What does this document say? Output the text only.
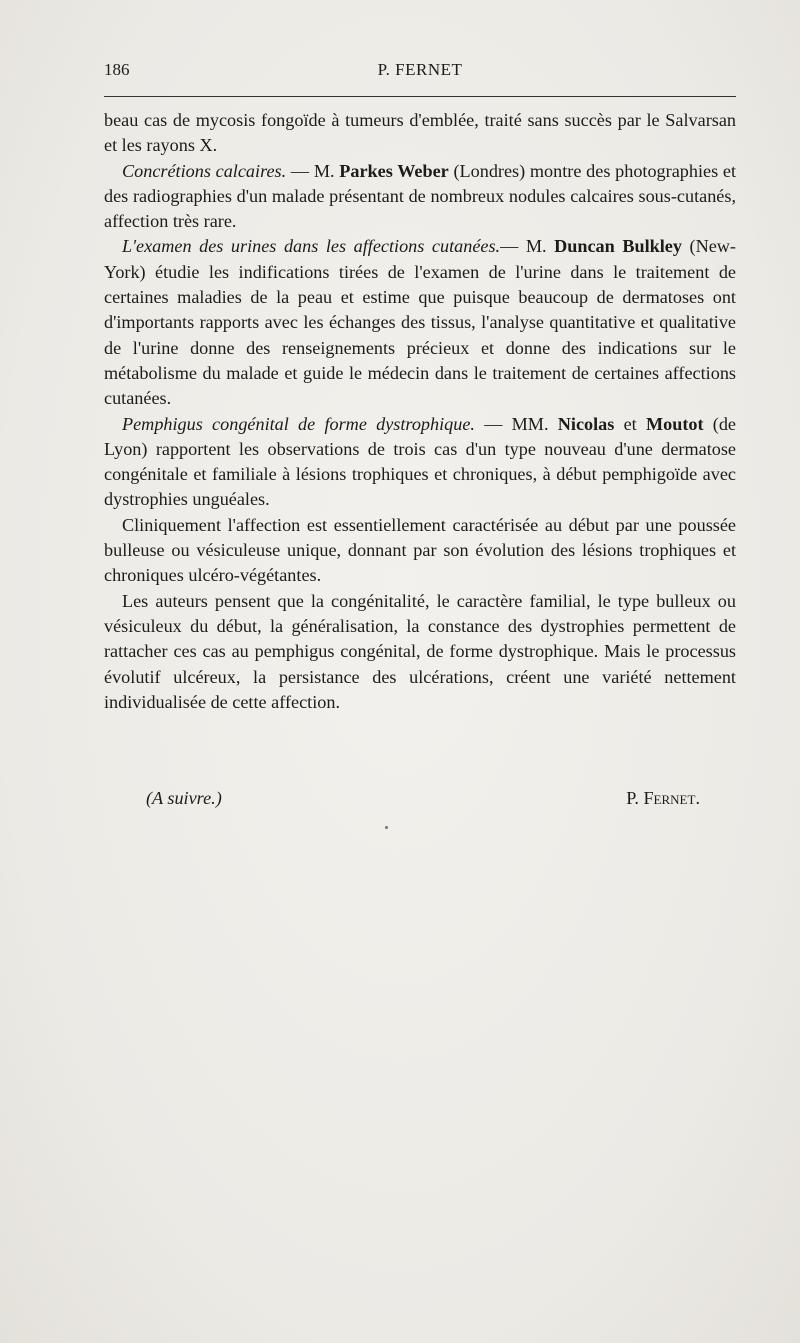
186	P. FERNET

beau cas de mycosis fongoïde à tumeurs d'emblée, traité sans succès par le Salvarsan et les rayons X.

Concrétions calcaires. — M. Parkes Weber (Londres) montre des photographies et des radiographies d'un malade présentant de nombreux nodules calcaires sous-cutanés, affection très rare.

L'examen des urines dans les affections cutanées.— M. Duncan Bulkley (New-York) étudie les indifications tirées de l'examen de l'urine dans le traitement de certaines maladies de la peau et estime que puisque beaucoup de dermatoses ont d'importants rapports avec les échanges des tissus, l'analyse quantitative et qualitative de l'urine donne des renseignements précieux et donne des indications sur le métabolisme du malade et guide le médecin dans le traitement de certaines affections cutanées.

Pemphigus congénital de forme dystrophique. — MM. Nicolas et Moutot (de Lyon) rapportent les observations de trois cas d'un type nouveau d'une dermatose congénitale et familiale à lésions trophiques et chroniques, à début pemphigoïde avec dystrophies unguéales.

Cliniquement l'affection est essentiellement caractérisée au début par une poussée bulleuse ou vésiculeuse unique, donnant par son évolution des lésions trophiques et chroniques ulcéro-végétantes.

Les auteurs pensent que la congénitalité, le caractère familial, le type bulleux ou vésiculeux du début, la généralisation, la constance des dystrophies permettent de rattacher ces cas au pemphigus congénital, de forme dystrophique. Mais le processus évolutif ulcéreux, la persistance des ulcérations, créent une variété nettement individualisée de cette affection.

(A suivre.)	P. Fernet.
